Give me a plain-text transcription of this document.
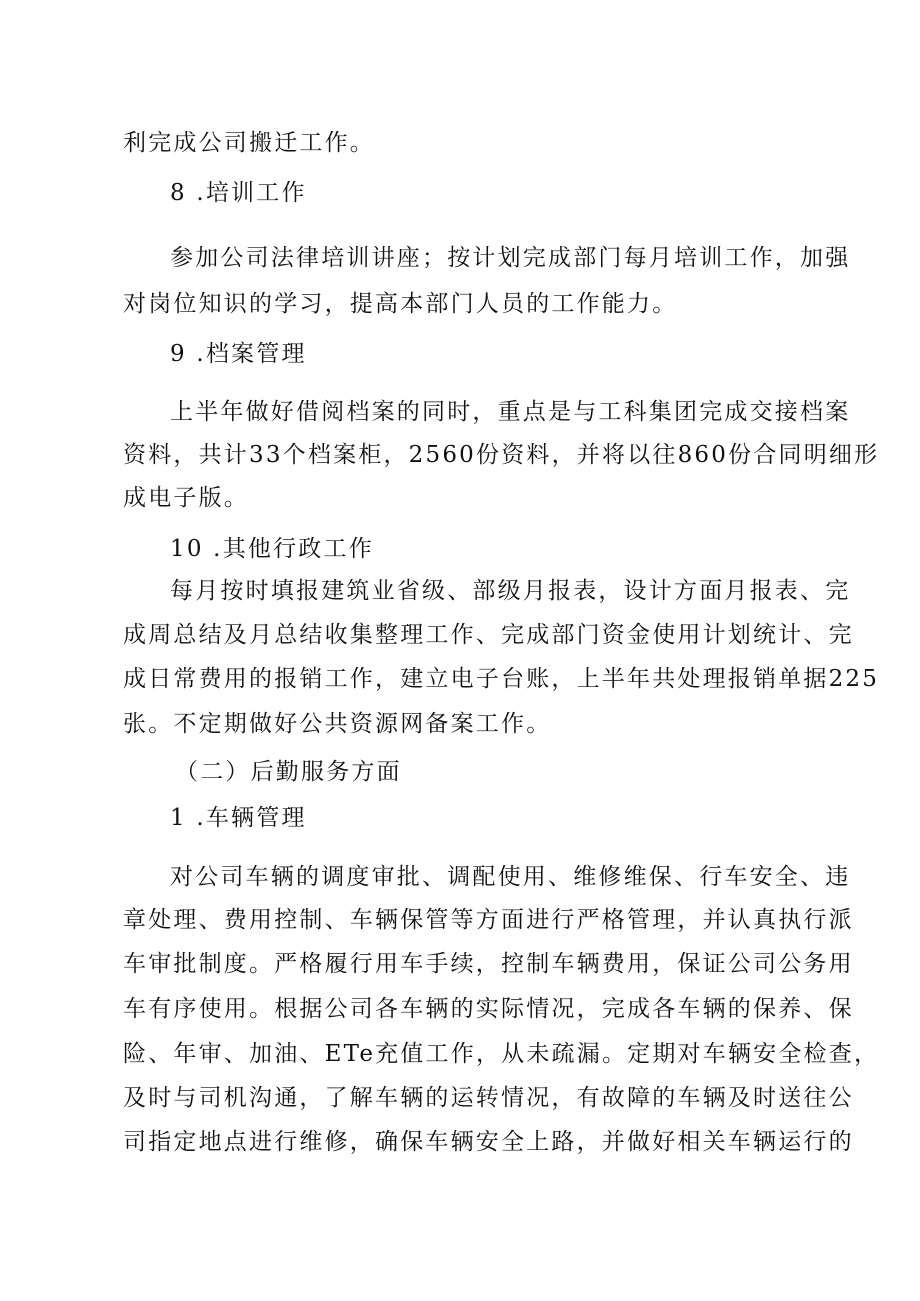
利完成公司搬迁工作。
8 .培训工作
参加公司法律培训讲座；按计划完成部门每月培训工作，加强
对岗位知识的学习，提高本部门人员的工作能力。
9 .档案管理
上半年做好借阅档案的同时，重点是与工科集团完成交接档案
资料，共计33个档案柜，2560份资料，并将以往860份合同明细形
成电子版。
10 .其他行政工作
每月按时填报建筑业省级、部级月报表，设计方面月报表、完
成周总结及月总结收集整理工作、完成部门资金使用计划统计、完
成日常费用的报销工作，建立电子台账，上半年共处理报销单据225
张。不定期做好公共资源网备案工作。
（二）后勤服务方面
1 .车辆管理
对公司车辆的调度审批、调配使用、维修维保、行车安全、违
章处理、费用控制、车辆保管等方面进行严格管理，并认真执行派
车审批制度。严格履行用车手续，控制车辆费用，保证公司公务用
车有序使用。根据公司各车辆的实际情况，完成各车辆的保养、保
险、年审、加油、ETe充值工作，从未疏漏。定期对车辆安全检查，
及时与司机沟通，了解车辆的运转情况，有故障的车辆及时送往公
司指定地点进行维修，确保车辆安全上路，并做好相关车辆运行的
